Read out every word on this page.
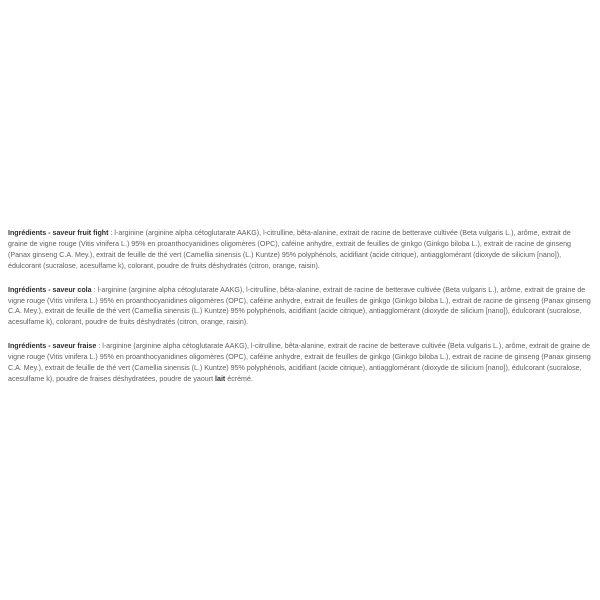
Ingrédients - saveur fruit fight : l-arginine (arginine alpha cétoglutarate AAKG), l-citrulline, bêta-alanine, extrait de racine de betterave cultivée (Beta vulgaris L.), arôme, extrait de graine de vigne rouge (Vitis vinifera L.) 95% en proanthocyanidines oligomères (OPC), caféine anhydre, extrait de feuilles de ginkgo (Ginkgo biloba L.), extrait de racine de ginseng (Panax ginseng C.A. Mey.), extrait de feuille de thé vert (Camellia sinensis (L.) Kuntze) 95% polyphénols, acidifiant (acide citrique), antiagglomérant (dioxyde de silicium [nano]), édulcorant (sucralose, acesulfame k), colorant, poudre de fruits déshydratés (citron, orange, raisin).

Ingrédients - saveur cola : l-arginine (arginine alpha cétoglutarate AAKG), l-citrulline, bêta-alanine, extrait de racine de betterave cultivée (Beta vulgaris L.), arôme, extrait de graine de vigne rouge (Vitis vinifera L.) 95% en proanthocyanidines oligomères (OPC), caféine anhydre, extrait de feuilles de ginkgo (Ginkgo biloba L.), extrait de racine de ginseng (Panax ginseng C.A. Mey.), extrait de feuille de thé vert (Camellia sinensis (L.) Kuntze) 95% polyphénols, acidifiant (acide citrique), antiagglomérant (dioxyde de silicium [nano]), édulcorant (sucralose, acesulfame k), colorant, poudre de fruits déshydratés (citron, orange, raisin).

Ingrédients - saveur fraise : l-arginine (arginine alpha cétoglutarate AAKG), l-citrulline, bêta-alanine, extrait de racine de betterave cultivée (Beta vulgaris L.), arôme, extrait de graine de vigne rouge (Vitis vinifera L.) 95% en proanthocyanidines oligomères (OPC), caféine anhydre, extrait de feuilles de ginkgo (Ginkgo biloba L.), extrait de racine de ginseng (Panax ginseng C.A. Mey.), extrait de feuille de thé vert (Camellia sinensis (L.) Kuntze) 95% polyphénols, acidifiant (acide citrique), antiagglomérant (dioxyde de silicium [nano]), édulcorant (sucralose, acesulfame k), poudre de fraises déshydratées, poudre de yaourt lait écrémé.
